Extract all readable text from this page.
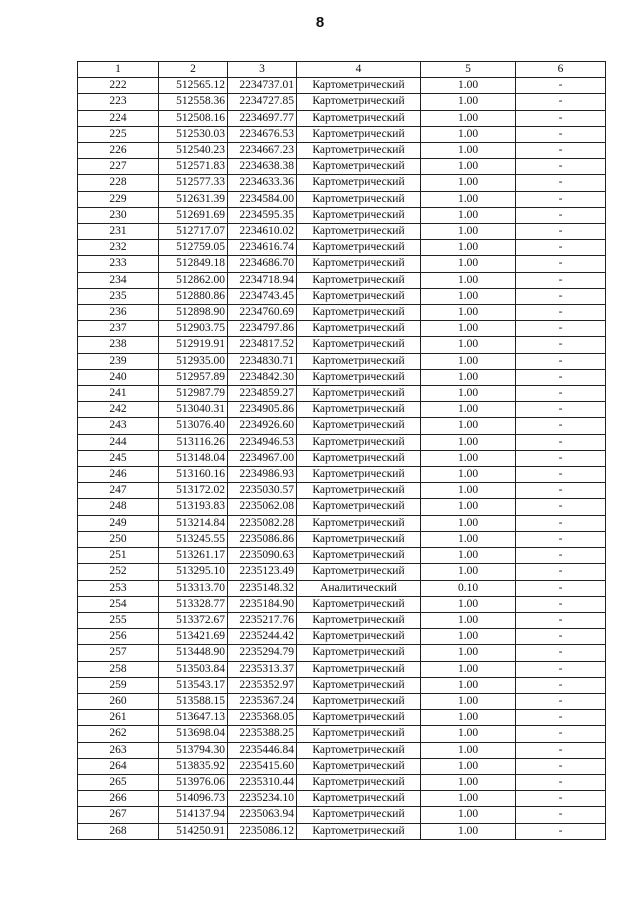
8
1	2	3	4	5	6
222	512565.12	2234737.01	Картометрический	1.00	-
223	512558.36	2234727.85	Картометрический	1.00	-
224	512508.16	2234697.77	Картометрический	1.00	-
225	512530.03	2234676.53	Картометрический	1.00	-
226	512540.23	2234667.23	Картометрический	1.00	-
227	512571.83	2234638.38	Картометрический	1.00	-
228	512577.33	2234633.36	Картометрический	1.00	-
229	512631.39	2234584.00	Картометрический	1.00	-
230	512691.69	2234595.35	Картометрический	1.00	-
231	512717.07	2234610.02	Картометрический	1.00	-
232	512759.05	2234616.74	Картометрический	1.00	-
233	512849.18	2234686.70	Картометрический	1.00	-
234	512862.00	2234718.94	Картометрический	1.00	-
235	512880.86	2234743.45	Картометрический	1.00	-
236	512898.90	2234760.69	Картометрический	1.00	-
237	512903.75	2234797.86	Картометрический	1.00	-
238	512919.91	2234817.52	Картометрический	1.00	-
239	512935.00	2234830.71	Картометрический	1.00	-
240	512957.89	2234842.30	Картометрический	1.00	-
241	512987.79	2234859.27	Картометрический	1.00	-
242	513040.31	2234905.86	Картометрический	1.00	-
243	513076.40	2234926.60	Картометрический	1.00	-
244	513116.26	2234946.53	Картометрический	1.00	-
245	513148.04	2234967.00	Картометрический	1.00	-
246	513160.16	2234986.93	Картометрический	1.00	-
247	513172.02	2235030.57	Картометрический	1.00	-
248	513193.83	2235062.08	Картометрический	1.00	-
249	513214.84	2235082.28	Картометрический	1.00	-
250	513245.55	2235086.86	Картометрический	1.00	-
251	513261.17	2235090.63	Картометрический	1.00	-
252	513295.10	2235123.49	Картометрический	1.00	-
253	513313.70	2235148.32	Аналитический	0.10	-
254	513328.77	2235184.90	Картометрический	1.00	-
255	513372.67	2235217.76	Картометрический	1.00	-
256	513421.69	2235244.42	Картометрический	1.00	-
257	513448.90	2235294.79	Картометрический	1.00	-
258	513503.84	2235313.37	Картометрический	1.00	-
259	513543.17	2235352.97	Картометрический	1.00	-
260	513588.15	2235367.24	Картометрический	1.00	-
261	513647.13	2235368.05	Картометрический	1.00	-
262	513698.04	2235388.25	Картометрический	1.00	-
263	513794.30	2235446.84	Картометрический	1.00	-
264	513835.92	2235415.60	Картометрический	1.00	-
265	513976.06	2235310.44	Картометрический	1.00	-
266	514096.73	2235234.10	Картометрический	1.00	-
267	514137.94	2235063.94	Картометрический	1.00	-
268	514250.91	2235086.12	Картометрический	1.00	-
